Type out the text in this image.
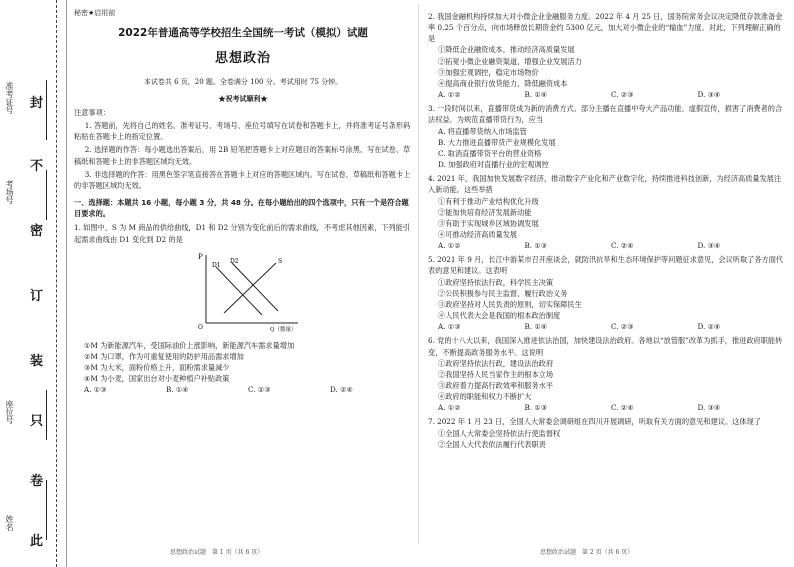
封
不
密
订
装
只
卷
此
准考证号
考场号
座位号
姓名
秘密★启用前
2022年普通高等学校招生全国统一考试（模拟）试题
思想政治
本试卷共 6 页，20 题。全卷满分 100 分。考试用时 75 分钟。
★祝考试顺利★

注意事项：

1. 答题前，先将自己的姓名、准考证号、考场号、座位号填写在试卷和答题卡上，并将准考证号条形码粘贴在答题卡上的指定位置。

2. 选择题的作答：每小题选出答案后，用 2B 铅笔把答题卡上对应题目的答案标号涂黑。写在试卷、草稿纸和答题卡上的非答题区域均无效。

3. 非选择题的作答：用黑色签字笔直接答在答题卡上对应的答题区域内。写在试卷、草稿纸和答题卡上的非答题区域均无效。

一、选择题：本题共 16 小题，每小题 3 分，共 48 分。在每小题给出的四个选项中，只有一个是符合题目要求的。

1. 如图中，S 为 M 商品的供给曲线，D1 和 D2 分别为变化前后的需求曲线，不考虑其他因素，下列能引起需求曲线由 D1 变化到 D2 的是

P
O	Q（数量）
D1
D2	S

①M 为新能源汽车，受国际油价上涨影响，新能源汽车需求量增加

②M 为口罩，作为可重复使用的防护用品需求增加

③M 为大米，面粉价格上升，面粉需求量减少

④M 为小麦，国家出台对小麦种植户补贴政策

A. ①③	B. ①④	C. ②③	D. ②④

2. 我国金融机构持续加大对小微企业金融服务力度。2022 年 4 月 25 日，国务院常务会议决定降低存款准备金率 0.25 个百分点，向市场释放长期资金约 5300 亿元，加大对小微企业的“输血”力度。对此，下列理解正确的是

①降低企业融资成本，推动经济高质量发展

②拓宽小微企业融资渠道，增强企业发展活力

③加强宏观调控，稳定市场物价

④提高商业银行放贷能力，降低融资成本

A. ①②	B. ①④	C. ②③	D. ③④

3. 一段时间以来，直播带货成为新的消费方式。部分主播在直播中夸大产品功能、虚假宣传，损害了消费者的合法权益。为规范直播带货行为，应当

A. 将直播带货纳入市场监管

B. 大力推进直播带货产业规模化发展

C. 取消直播带货平台的营业资格

D. 加强政府对直播行业的宏观调控

4. 2021 年，我国加快发展数字经济，推动数字产业化和产业数字化，持续推进科技创新，为经济高质量发展注入新动能。这些举措

①有利于推动产业结构优化升级

②能加快培育经济发展新动能

③有助于实现城乡区域协调发展

④可推动经济高质量发展

A. ①②	B. ①③	C. ②④	D. ③④

5. 2021 年 9 月，长江中游某市召开座谈会，就防汛抗旱和生态环境保护等问题征求意见，会议听取了各方面代表的意见和建议。这表明

①政府坚持依法行政，科学民主决策

②公民积极参与民主监督，履行政治义务

③政府坚持对人民负责的原则，切实保障民生

④人民代表大会是我国的根本政治制度

A. ①③	B. ①④	C. ②③	D. ②④

6. 党的十八大以来，我国深入推进依法治国，加快建设法治政府。各地以“放管服”改革为抓手，推进政府职能转变，不断提高政务服务水平。这说明

①政府坚持依法行政，建设法治政府

②我国坚持人民当家作主的根本立场

③政府着力提高行政效率和服务水平

④政府的职能和权力不断扩大

A. ①②	B. ①③	C. ②④	D. ③④

7. 2022 年 1 月 23 日，全国人大常委会调研组在四川开展调研，听取有关方面的意见和建议。这体现了

①全国人大常委会坚持依法行使监督权

②全国人大代表依法履行代表职责

思想政治试题　第 1 页（共 6 页）	思想政治试题　第 2 页（共 6 页）
